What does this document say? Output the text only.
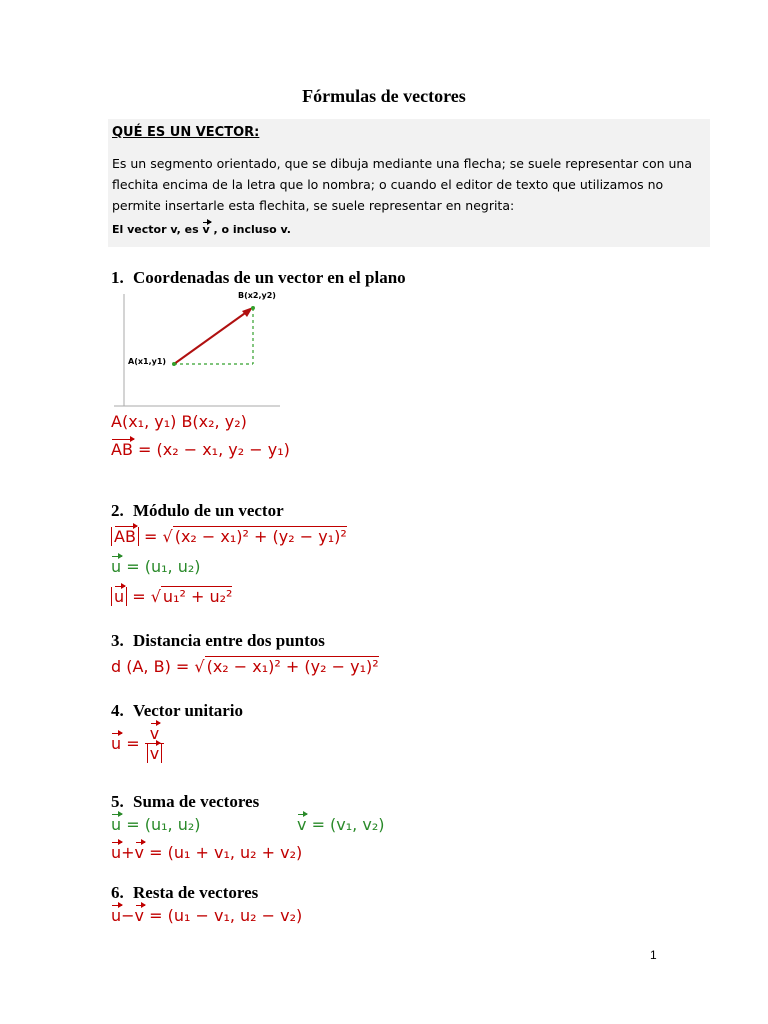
Fórmulas de vectores
QUÉ ES UN VECTOR:
Es un segmento orientado, que se dibuja mediante una flecha; se suele representar con una flechita encima de la letra que lo nombra; o cuando el editor de texto que utilizamos no permite insertarle esta flechita, se suele representar en negrita:
El vector v, es v , o incluso v.
1. Coordenadas de un vector en el plano
A(x1,y1)
B(x2,y2)
A(x₁, y₁) B(x₂, y₂)
AB = (x₂ − x₁, y₂ − y₁)
2. Módulo de un vector
AB = √ (x₂ − x₁)² + (y₂ − y₁)²
u = (u₁, u₂)
u = √ u₁² + u₂²
3. Distancia entre dos puntos
d (A, B) = √ (x₂ − x₁)² + (y₂ − y₁)²
4. Vector unitario
$u = \frac{v}{v}$
5. Suma de vectores
u = (u₁, u₂)	v = (v₁, v₂)
u+v = (u₁ + v₁, u₂ + v₂)
6. Resta de vectores
u−v = (u₁ − v₁, u₂ − v₂)
1
